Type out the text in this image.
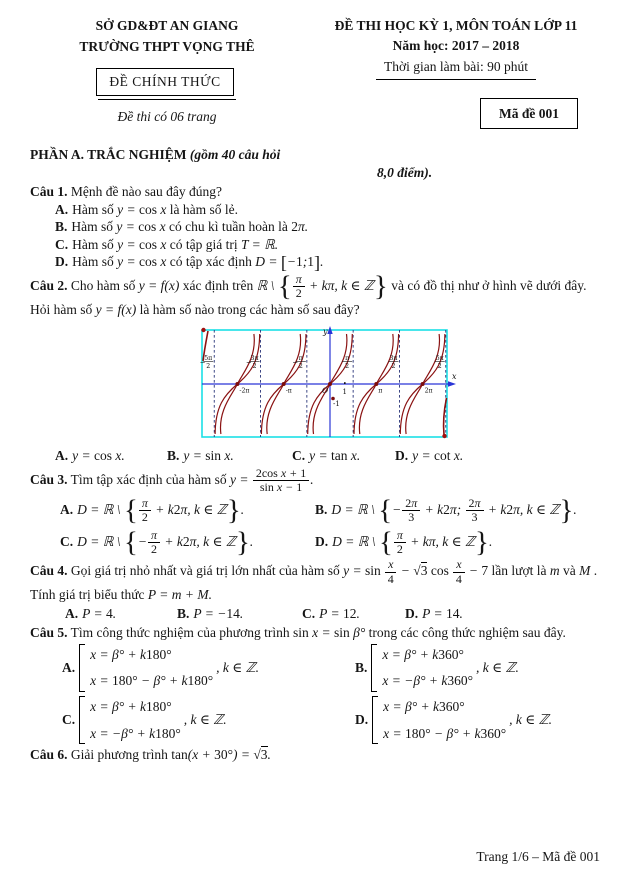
SỞ GD&ĐT AN GIANG
TRƯỜNG THPT VỌNG THÊ
ĐỀ CHÍNH THỨC
Đề thi có 06 trang
ĐỀ THI HỌC KỲ 1, MÔN TOÁN LỚP 11
Năm học: 2017 – 2018
Thời gian làm bài: 90 phút
Mã đề 001
PHẦN A. TRẮC NGHIỆM (gồm 40 câu hỏi
8,0 điểm).
Câu 1. Mệnh đề nào sau đây đúng?
A. Hàm số y = cos x là hàm số lẻ.
B. Hàm số y = cos x có chu kì tuần hoàn là 2π.
C. Hàm số y = cos x có tập giá trị T = ℝ.
D. Hàm số y = cos x có tập xác định D = [−1;1].
Câu 2. Cho hàm số y = f(x) xác định trên ℝ \ { $\frac{\pi}{2} + k\pi$, k ∈ ℤ} và có đồ thị như ở hình vẽ dưới đây. Hỏi hàm số y = f(x) là hàm số nào trong các hàm số sau đây?
−
5π
2	−
3π
2	− π
2
π
2
3π
2
5π
2
-2π	-π	π	2π
O 1
-1
x
y
A. y = cos x.	B. y = sin x.	C. y = tan x.	D. y = cot x.
Câu 3. Tìm tập xác định của hàm số $y = \frac{\text{2cos x + 1}}{\text{sin x − 1}}$ .
A. D = ℝ \ { $\frac{\pi}{2} + k2\pi$, k ∈ ℤ}.	B. D = ℝ \ {− $\frac{2\pi}{3} + k2\pi$; $\frac{2\pi}{3} + k2\pi$, k ∈ ℤ}.
C. D = ℝ \ {− $\frac{\pi}{2} + k2\pi$, k ∈ ℤ}.	D. D = ℝ \ { $\frac{\pi}{2} + k\pi$, k ∈ ℤ}.
Câu 4. Gọi giá trị nhỏ nhất và giá trị lớn nhất của hàm số $y = \sin \frac{x}{4} - √3$ $\cos \frac{x}{4} - 7$ lần lượt là m và M . Tính giá trị biểu thức P = m + M.
A. P = 4.	B. P = −14.	C. P = 12.	D. P = 14.
Câu 5. Tìm công thức nghiệm của phương trình sin x = sin β° trong các công thức nghiệm sau đây.
A.
x = β° + k180°
x = 180° − β° + k180°
, k ∈ ℤ.	B.
x = β° + k360°
x = −β° + k360°
, k ∈ ℤ.
C.
x = β° + k180°
x = −β° + k180°
, k ∈ ℤ.	D.
x = β° + k360°
x = 180° − β° + k360°
, k ∈ ℤ.
Câu 6. Giải phương trình tan(x + 30°) = √3.
Trang 1/6 – Mã đề 001
